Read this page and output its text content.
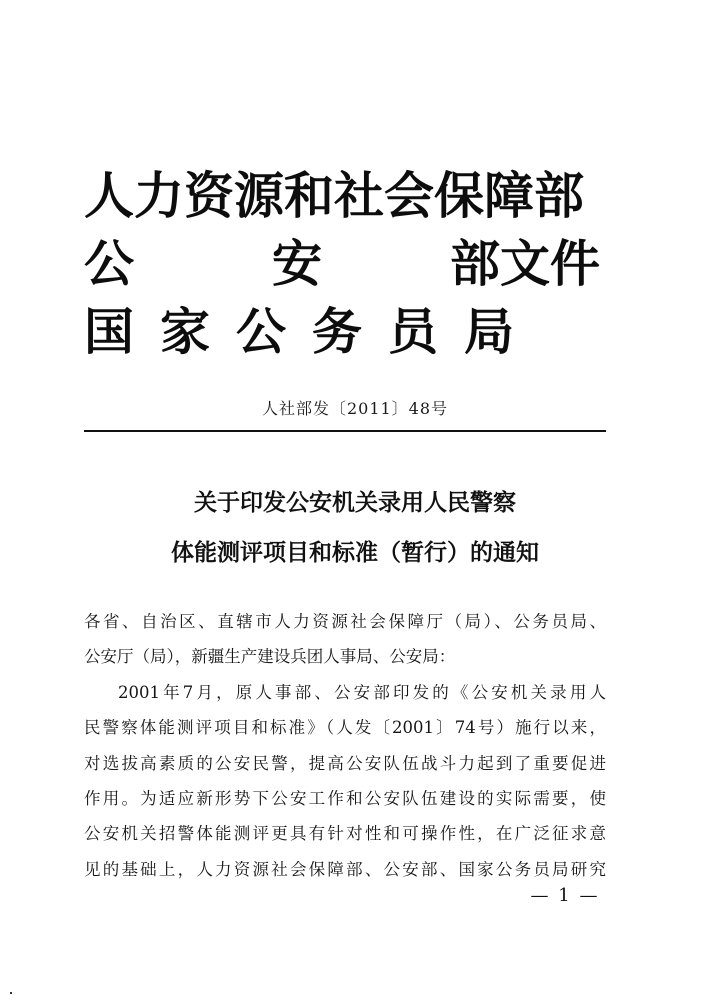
人力资源和社会保障部
公	安	部文件
国 家 公 务 员 局
人社部发〔2011〕48号
关于印发公安机关录用人民警察
体能测评项目和标准（暂行）的通知
各省、自治区、直辖市人力资源社会保障厅（局）、公务员局、
公安厅（局），新疆生产建设兵团人事局、公安局：
2001年7月，原人事部、公安部印发的《公安机关录用人
民警察体能测评项目和标准》（人发〔2001〕74号）施行以来，
对选拔高素质的公安民警，提高公安队伍战斗力起到了重要促进
作用。为适应新形势下公安工作和公安队伍建设的实际需要，使
公安机关招警体能测评更具有针对性和可操作性，在广泛征求意
见的基础上，人力资源社会保障部、公安部、国家公务员局研究
— 1 —
